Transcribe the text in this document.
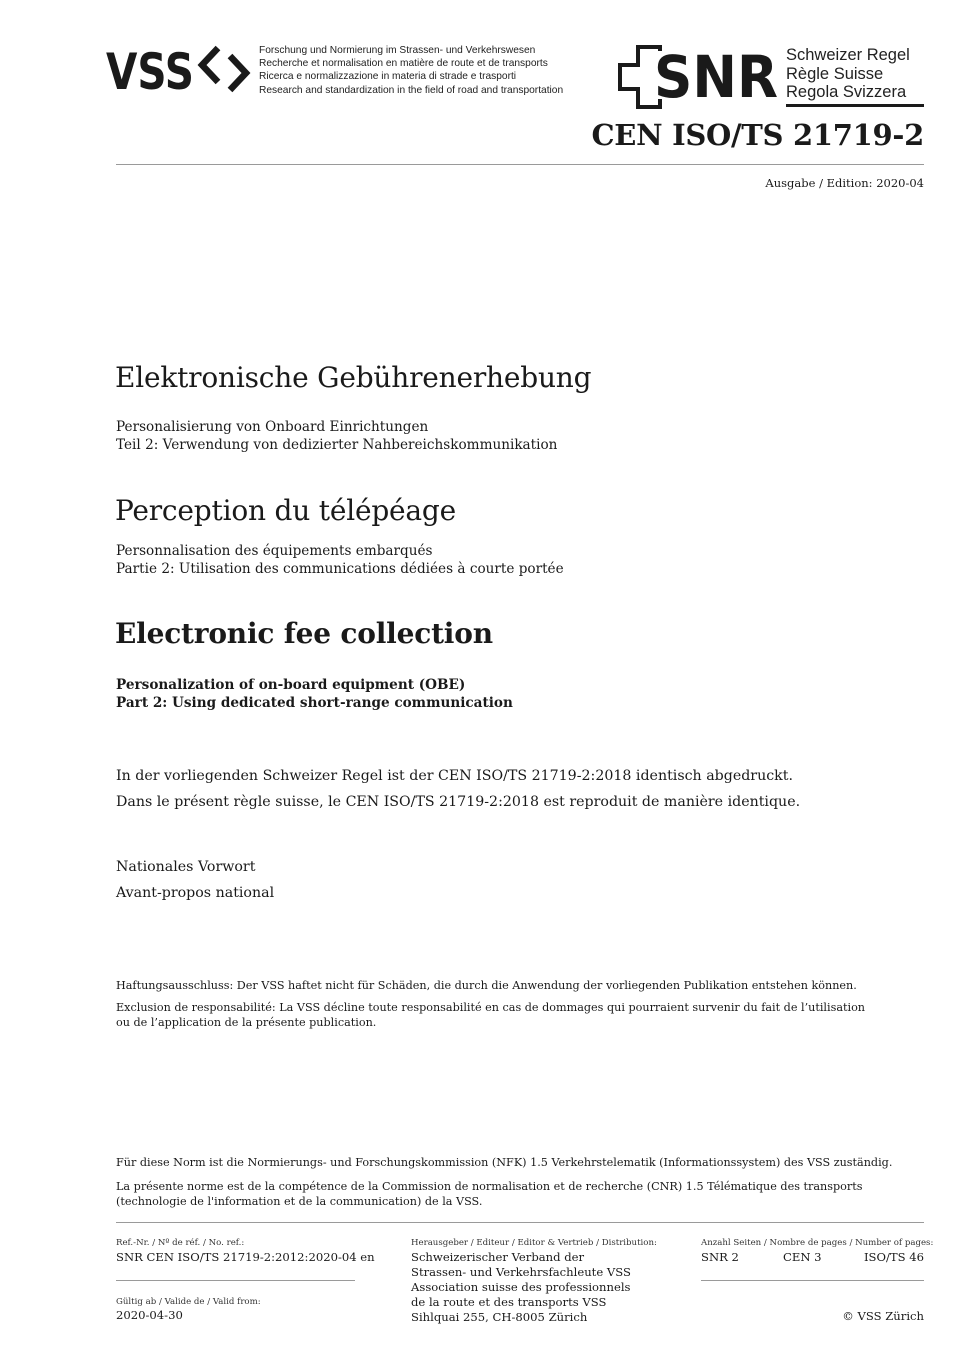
VSS	Forschung und Normierung im Strassen- und Verkehrswesen
Recherche et normalisation en matière de route et de transports
Ricerca e normalizzazione in materia di strade e trasporti
Research and standardization in the field of road and transportation SNR Schweizer Regel
Règle Suisse
Regola Svizzera
CEN ISO/TS 21719-2
Ausgabe / Edition: 2020-04
Elektronische Gebührenerhebung
Personalisierung von Onboard Einrichtungen
Teil 2: Verwendung von dedizierter Nahbereichskommunikation
Perception du télépéage
Personnalisation des équipements embarqués
Partie 2: Utilisation des communications dédiées à courte portée
Electronic fee collection
Personalization of on-board equipment (OBE)
Part 2: Using dedicated short-range communication
In der vorliegenden Schweizer Regel ist der CEN ISO/TS 21719-2:2018 identisch abgedruckt.
Dans le présent règle suisse, le CEN ISO/TS 21719-2:2018 est reproduit de manière identique.
Nationales Vorwort
Avant-propos national
Haftungsausschluss: Der VSS haftet nicht für Schäden, die durch die Anwendung der vorliegenden Publikation entstehen können.
Exclusion de responsabilité: La VSS décline toute responsabilité en cas de dommages qui pourraient survenir du fait de l’utilisation
ou de l’application de la présente publication.
Für diese Norm ist die Normierungs- und Forschungskommission (NFK) 1.5 Verkehrstelematik (Informationssystem) des VSS zuständig.
La présente norme est de la compétence de la Commission de normalisation et de recherche (CNR) 1.5 Télématique des transports
(technologie de l'information et de la communication) de la VSS.
Ref.-Nr. / Nº de réf. / No. ref.:
SNR CEN ISO/TS 21719-2:2012:2020-04 en
Gültig ab / Valide de / Valid from:
2020-04-30
Herausgeber / Editeur / Editor & Vertrieb / Distribution:
Schweizerischer Verband der
Strassen- und Verkehrsfachleute VSS
Association suisse des professionnels
de la route et des transports VSS
Sihlquai 255, CH-8005 Zürich
Anzahl Seiten / Nombre de pages / Number of pages:
SNR 2	CEN 3	ISO/TS 46
© VSS Zürich
